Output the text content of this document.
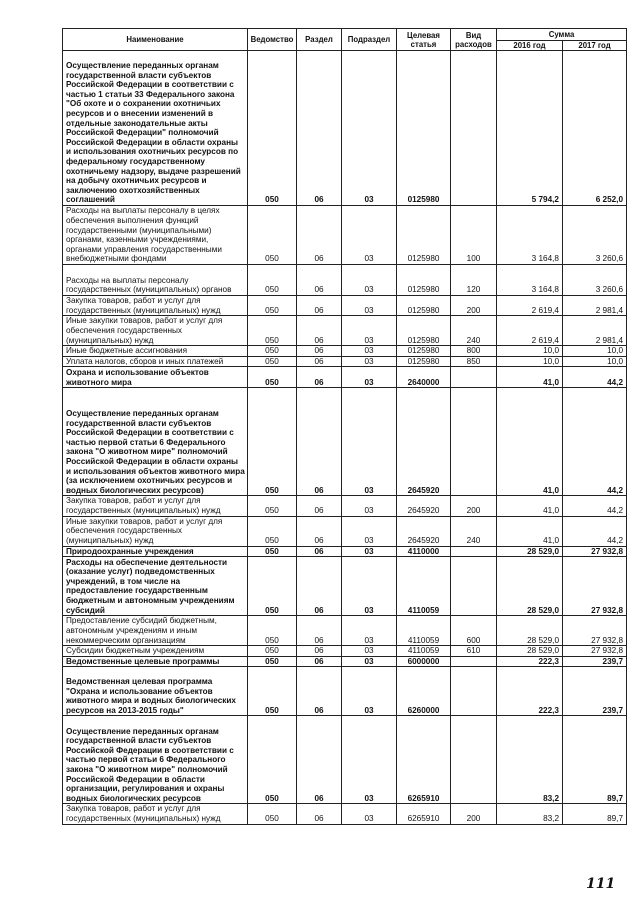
Наименование	Ведомство	Раздел	Подраздел	Целевая статья	Вид расходов	Сумма	
						2016 год	2017 год
Осуществление переданных органам государственной власти субъектов Российской Федерации в соответствии с частью 1 статьи 33 Федерального закона "Об охоте и о сохранении охотничьих ресурсов и о внесении изменений в отдельные законодательные акты Российской Федерации" полномочий Российской Федерации в области охраны и использования охотничьих ресурсов по федеральному государственному охотничьему надзору, выдаче разрешений на добычу охотничьих ресурсов и заключению охотхозяйственных соглашений	050	06	03	0125980		5 794,2	6 252,0
Расходы на выплаты персоналу в целях обеспечения выполнения функций государственными (муниципальными) органами, казенными учреждениями, органами управления государственными внебюджетными фондами	050	06	03	0125980	100	3 164,8	3 260,6
Расходы на выплаты персоналу государственных (муниципальных) органов	050	06	03	0125980	120	3 164,8	3 260,6
Закупка товаров, работ и услуг для государственных (муниципальных) нужд	050	06	03	0125980	200	2 619,4	2 981,4
Иные закупки товаров, работ и услуг для обеспечения государственных (муниципальных) нужд	050	06	03	0125980	240	2 619,4	2 981,4
Иные бюджетные ассигнования	050	06	03	0125980	800	10,0	10,0
Уплата налогов, сборов и иных платежей	050	06	03	0125980	850	10,0	10,0
Охрана и использование объектов животного мира	050	06	03	2640000		41,0	44,2
Осуществление переданных органам государственной власти субъектов Российской Федерации в соответствии с частью первой статьи 6 Федерального закона "О животном мире" полномочий Российской Федерации в области охраны и использования объектов животного мира (за исключением охотничьих ресурсов и водных биологических ресурсов)	050	06	03	2645920		41,0	44,2
Закупка товаров, работ и услуг для государственных (муниципальных) нужд	050	06	03	2645920	200	41,0	44,2
Иные закупки товаров, работ и услуг для обеспечения государственных (муниципальных) нужд	050	06	03	2645920	240	41,0	44,2
Природоохранные учреждения	050	06	03	4110000		28 529,0	27 932,8
Расходы на обеспечение деятельности (оказание услуг) подведомственных учреждений, в том числе на предоставление государственным бюджетным и автономным учреждениям субсидий	050	06	03	4110059		28 529,0	27 932,8
Предоставление субсидий бюджетным, автономным учреждениям и иным некоммерческим организациям	050	06	03	4110059	600	28 529,0	27 932,8
Субсидии бюджетным учреждениям	050	06	03	4110059	610	28 529,0	27 932,8
Ведомственные целевые программы	050	06	03	6000000		222,3	239,7
Ведомственная целевая программа "Охрана и использование объектов животного мира и водных биологических ресурсов на 2013-2015 годы"	050	06	03	6260000		222,3	239,7
Осуществление переданных органам государственной власти субъектов Российской Федерации в соответствии с частью первой статьи 6 Федерального закона "О животном мире" полномочий Российской Федерации в области организации, регулирования и охраны водных биологических ресурсов	050	06	03	6265910		83,2	89,7
Закупка товаров, работ и услуг для государственных (муниципальных) нужд	050	06	03	6265910	200	83,2	89,7
111
